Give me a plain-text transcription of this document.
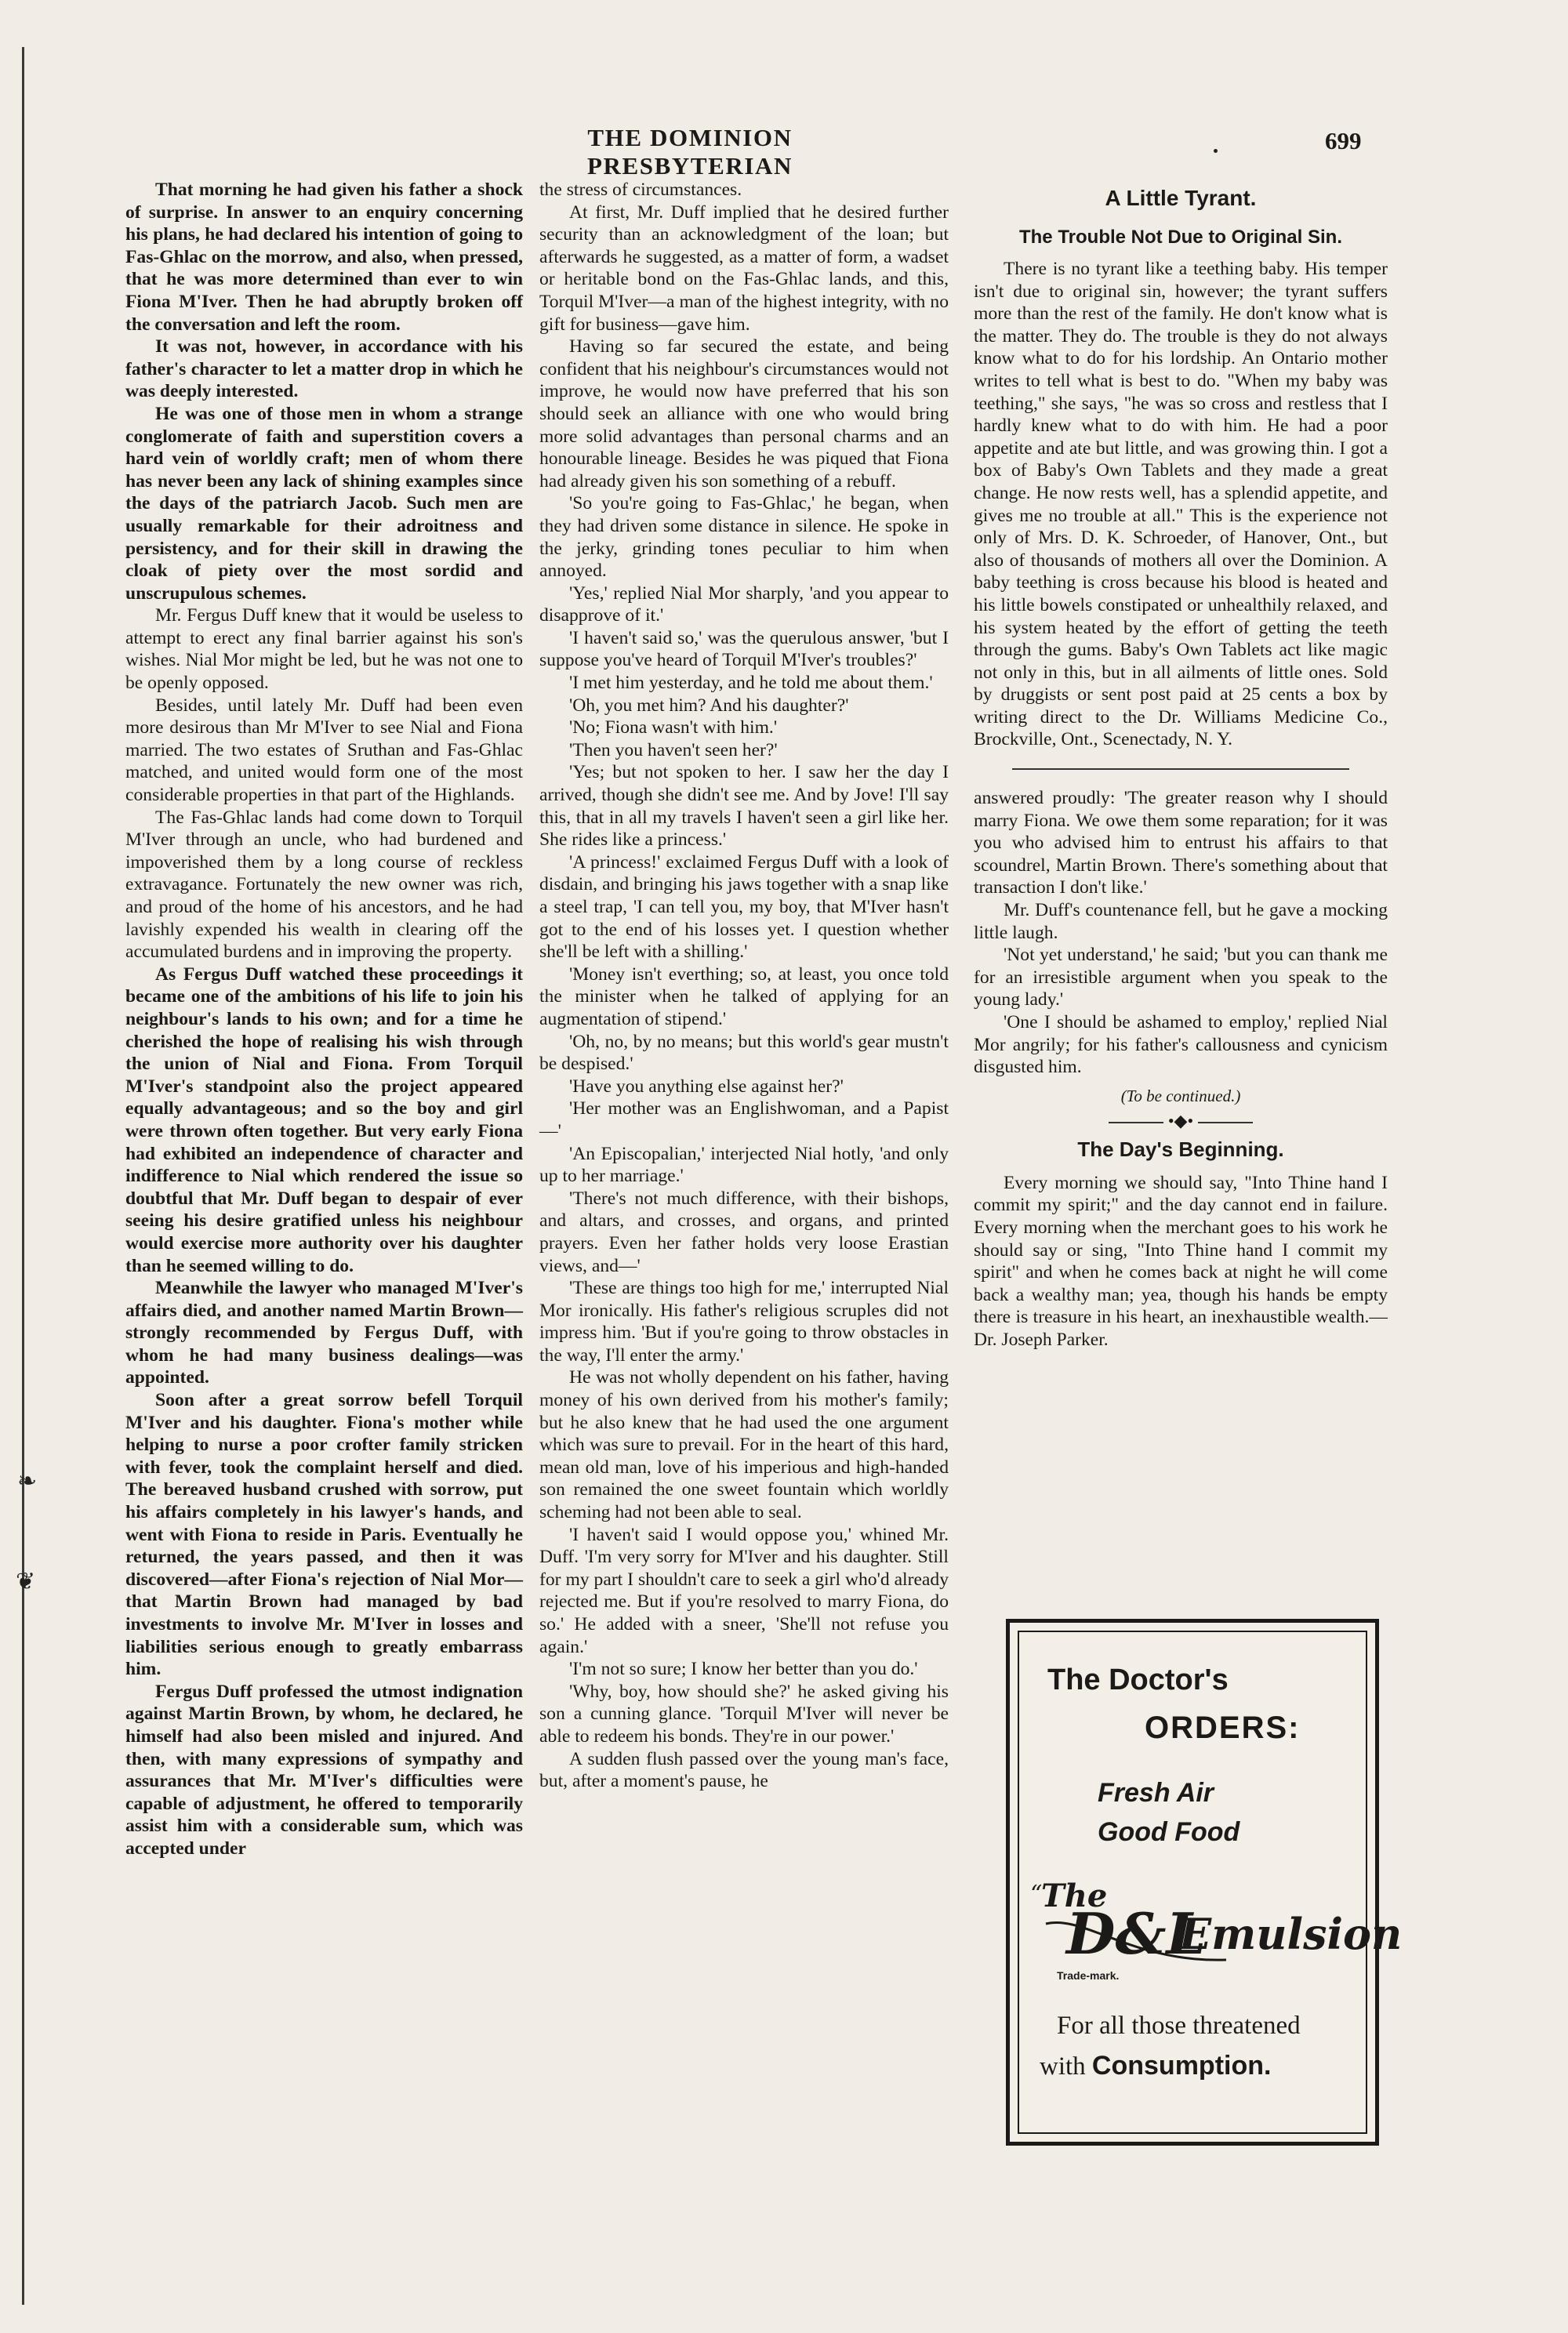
❧
❦
THE DOMINION PRESBYTERIAN
699

That morning he had given his father a shock of surprise. In answer to an enquiry concerning his plans, he had declared his intention of going to Fas-Ghlac on the morrow, and also, when pressed, that he was more determined than ever to win Fiona M'Iver. Then he had abruptly broken off the conversation and left the room.

It was not, however, in accordance with his father's character to let a matter drop in which he was deeply interested.

He was one of those men in whom a strange conglomerate of faith and superstition covers a hard vein of worldly craft; men of whom there has never been any lack of shining examples since the days of the patriarch Jacob. Such men are usually remarkable for their adroitness and persistency, and for their skill in drawing the cloak of piety over the most sordid and unscrupulous schemes.

Mr. Fergus Duff knew that it would be useless to attempt to erect any final barrier against his son's wishes. Nial Mor might be led, but he was not one to be openly opposed.

Besides, until lately Mr. Duff had been even more desirous than Mr M'Iver to see Nial and Fiona married. The two estates of Sruthan and Fas-Ghlac matched, and united would form one of the most considerable properties in that part of the Highlands.

The Fas-Ghlac lands had come down to Torquil M'Iver through an uncle, who had burdened and impoverished them by a long course of reckless extravagance. Fortunately the new owner was rich, and proud of the home of his ancestors, and he had lavishly expended his wealth in clearing off the accumulated burdens and in improving the property.

As Fergus Duff watched these proceedings it became one of the ambitions of his life to join his neighbour's lands to his own; and for a time he cherished the hope of realising his wish through the union of Nial and Fiona. From Torquil M'Iver's standpoint also the project appeared equally advantageous; and so the boy and girl were thrown often together. But very early Fiona had exhibited an independence of character and indifference to Nial which rendered the issue so doubtful that Mr. Duff began to despair of ever seeing his desire gratified unless his neighbour would exercise more authority over his daughter than he seemed willing to do.

Meanwhile the lawyer who managed M'Iver's affairs died, and another named Martin Brown—strongly recommended by Fergus Duff, with whom he had many business dealings—was appointed.

Soon after a great sorrow befell Torquil M'Iver and his daughter. Fiona's mother while helping to nurse a poor crofter family stricken with fever, took the complaint herself and died. The bereaved husband crushed with sorrow, put his affairs completely in his lawyer's hands, and went with Fiona to reside in Paris. Eventually he returned, the years passed, and then it was discovered—after Fiona's rejection of Nial Mor—that Martin Brown had managed by bad investments to involve Mr. M'Iver in losses and liabilities serious enough to greatly embarrass him.

Fergus Duff professed the utmost indignation against Martin Brown, by whom, he declared, he himself had also been misled and injured. And then, with many expressions of sympathy and assurances that Mr. M'Iver's difficulties were capable of adjustment, he offered to temporarily assist him with a considerable sum, which was accepted under

the stress of circumstances.

At first, Mr. Duff implied that he desired further security than an acknowledgment of the loan; but afterwards he suggested, as a matter of form, a wadset or heritable bond on the Fas-Ghlac lands, and this, Torquil M'Iver—a man of the highest integrity, with no gift for business—gave him.

Having so far secured the estate, and being confident that his neighbour's circumstances would not improve, he would now have preferred that his son should seek an alliance with one who would bring more solid advantages than personal charms and an honourable lineage. Besides he was piqued that Fiona had already given his son something of a rebuff.

'So you're going to Fas-Ghlac,' he began, when they had driven some distance in silence. He spoke in the jerky, grinding tones peculiar to him when annoyed.

'Yes,' replied Nial Mor sharply, 'and you appear to disapprove of it.'

'I haven't said so,' was the querulous answer, 'but I suppose you've heard of Torquil M'Iver's troubles?'

'I met him yesterday, and he told me about them.'

'Oh, you met him? And his daughter?'

'No; Fiona wasn't with him.'

'Then you haven't seen her?'

'Yes; but not spoken to her. I saw her the day I arrived, though she didn't see me. And by Jove! I'll say this, that in all my travels I haven't seen a girl like her. She rides like a princess.'

'A princess!' exclaimed Fergus Duff with a look of disdain, and bringing his jaws together with a snap like a steel trap, 'I can tell you, my boy, that M'Iver hasn't got to the end of his losses yet. I question whether she'll be left with a shilling.'

'Money isn't everthing; so, at least, you once told the minister when he talked of applying for an augmentation of stipend.'

'Oh, no, by no means; but this world's gear mustn't be despised.'

'Have you anything else against her?'

'Her mother was an Englishwoman, and a Papist—'

'An Episcopalian,' interjected Nial hotly, 'and only up to her marriage.'

'There's not much difference, with their bishops, and altars, and crosses, and organs, and printed prayers. Even her father holds very loose Erastian views, and—'

'These are things too high for me,' interrupted Nial Mor ironically. His father's religious scruples did not impress him. 'But if you're going to throw obstacles in the way, I'll enter the army.'

He was not wholly dependent on his father, having money of his own derived from his mother's family; but he also knew that he had used the one argument which was sure to prevail. For in the heart of this hard, mean old man, love of his imperious and high-handed son remained the one sweet fountain which worldly scheming had not been able to seal.

'I haven't said I would oppose you,' whined Mr. Duff. 'I'm very sorry for M'Iver and his daughter. Still for my part I shouldn't care to seek a girl who'd already rejected me. But if you're resolved to marry Fiona, do so.' He added with a sneer, 'She'll not refuse you again.'

'I'm not so sure; I know her better than you do.'

'Why, boy, how should she?' he asked giving his son a cunning glance. 'Torquil M'Iver will never be able to redeem his bonds. They're in our power.'

A sudden flush passed over the young man's face, but, after a moment's pause, he

A Little Tyrant.
The Trouble Not Due to Original Sin.

There is no tyrant like a teething baby. His temper isn't due to original sin, however; the tyrant suffers more than the rest of the family. He don't know what is the matter. They do. The trouble is they do not always know what to do for his lordship. An Ontario mother writes to tell what is best to do. "When my baby was teething," she says, "he was so cross and restless that I hardly knew what to do with him. He had a poor appetite and ate but little, and was growing thin. I got a box of Baby's Own Tablets and they made a great change. He now rests well, has a splendid appetite, and gives me no trouble at all." This is the experience not only of Mrs. D. K. Schroeder, of Hanover, Ont., but also of thousands of mothers all over the Dominion. A baby teething is cross because his blood is heated and his little bowels constipated or unhealthily relaxed, and his system heated by the effort of getting the teeth through the gums. Baby's Own Tablets act like magic not only in this, but in all ailments of little ones. Sold by druggists or sent post paid at 25 cents a box by writing direct to the Dr. Williams Medicine Co., Brockville, Ont., Scenectady, N. Y.

answered proudly: 'The greater reason why I should marry Fiona. We owe them some reparation; for it was you who advised him to entrust his affairs to that scoundrel, Martin Brown. There's something about that transaction I don't like.'

Mr. Duff's countenance fell, but he gave a mocking little laugh.

'Not yet understand,' he said; 'but you can thank me for an irresistible argument when you speak to the young lady.'

'One I should be ashamed to employ,' replied Nial Mor angrily; for his father's callousness and cynicism disgusted him.

(To be continued.)
•◆•
The Day's Beginning.

Every morning we should say, "Into Thine hand I commit my spirit;" and the day cannot end in failure. Every morning when the merchant goes to his work he should say or sing, "Into Thine hand I commit my spirit" and when he comes back at night he will come back a wealthy man; yea, though his hands be empty there is treasure in his heart, an inexhaustible wealth.—Dr. Joseph Parker.

The Doctor's
ORDERS:
Fresh Air
Good Food
“
The
D&L
Emulsion
Trade-mark.
For all those threatened
with Consumption.
